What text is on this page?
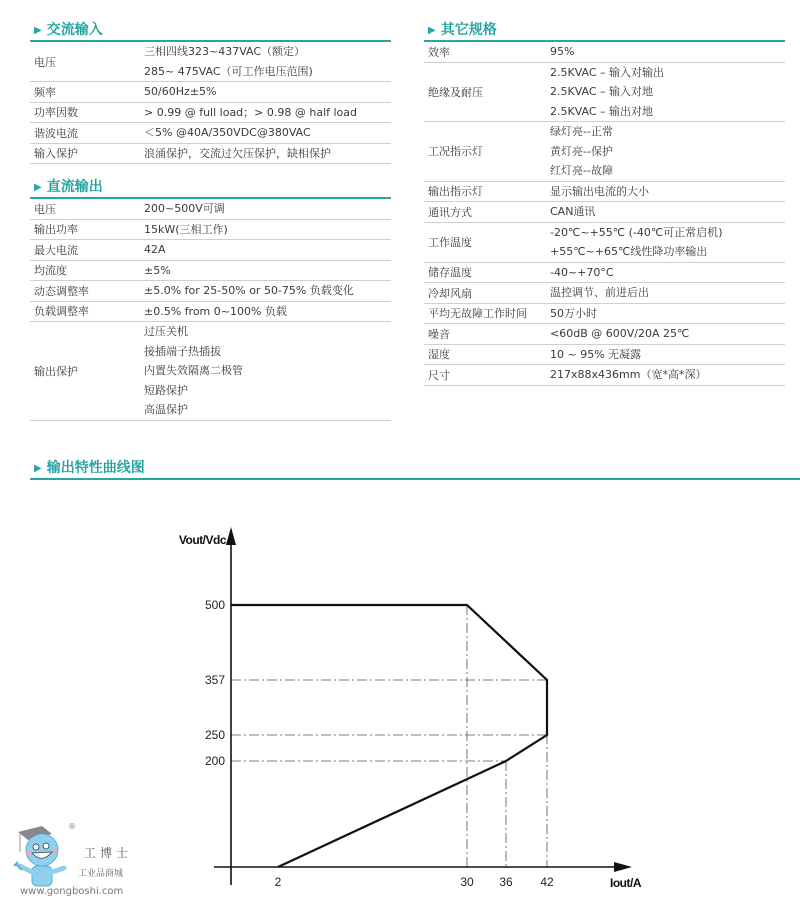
▶ 交流输入
电压	三相四线323~437VAC（额定）
285~ 475VAC（可工作电压范围)

频率	50/60Hz±5%

功率因数	> 0.99 @ full load；> 0.98 @ half load

谐波电流	＜5% @40A/350VDC@380VAC

输入保护	浪涌保护，交流过欠压保护，缺相保护
▶ 直流输出
电压	200~500V可调

输出功率	15kW(三相工作)

最大电流	42A

均流度	±5%

动态调整率	±5.0% for 25-50% or 50-75% 负载变化

负载调整率	±0.5% from 0~100% 负载

输出保护	过压关机
接插端子热插拔
内置失效隔离二极管
短路保护
高温保护
▶ 其它规格
效率	95%

绝缘及耐压	2.5KVAC – 输入对输出
2.5KVAC – 输入对地
2.5KVAC – 输出对地

工况指示灯	绿灯亮--正常
黄灯亮--保护
红灯亮--故障

输出指示灯	显示输出电流的大小

通讯方式	CAN通讯

工作温度	-20℃~+55℃ (-40℃可正常启机)
+55℃~+65℃线性降功率输出

储存温度	-40~+70°C

冷却风扇	温控调节、前进后出

平均无故障工作时间	50万小时

噪音	<60dB @ 600V/20A 25℃

湿度	10 ~ 95% 无凝露

尺寸	217x88x436mm（宽*高*深）
▶ 输出特性曲线图
Vout/Vdc
Iout/A
200
250
357
500
2	30 36 42
®
工博士
工业品商城
www.gongboshi.com
